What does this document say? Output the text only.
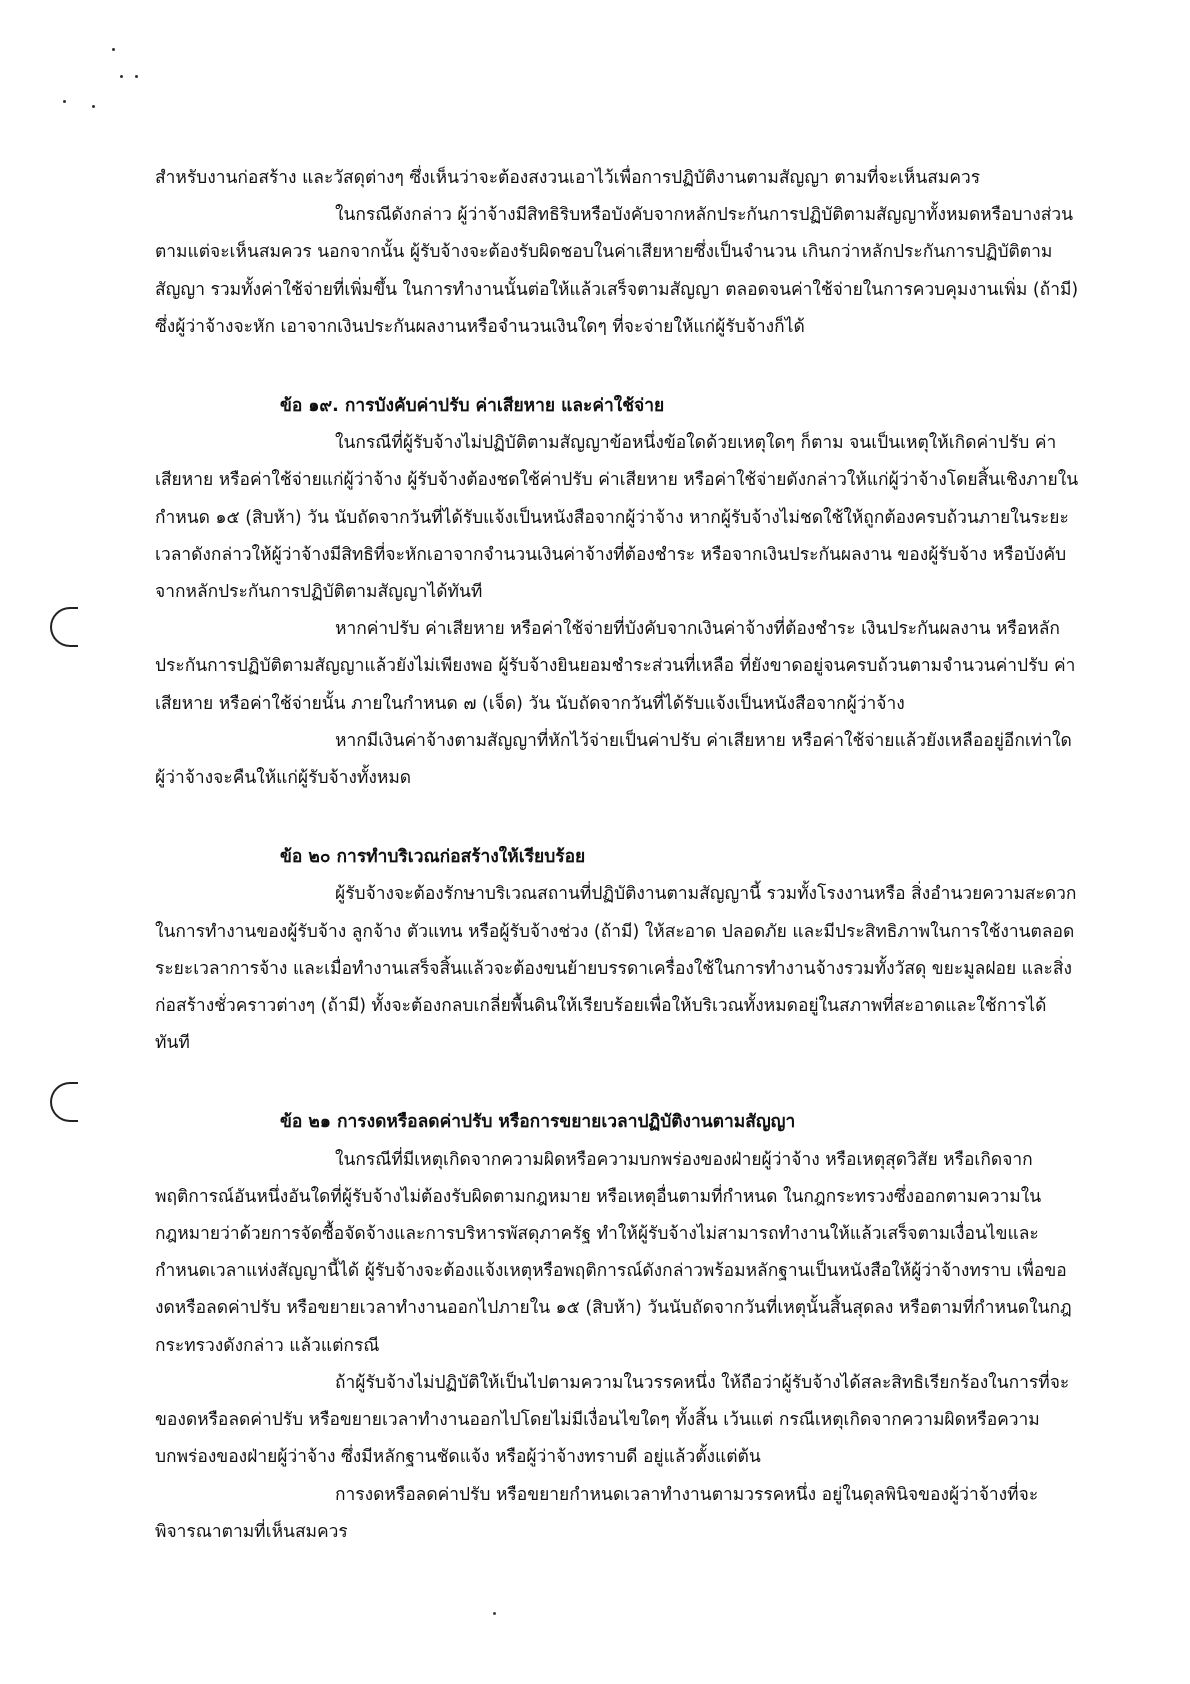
สำหรับงานก่อสร้าง และวัสดุต่างๆ ซึ่งเห็นว่าจะต้องสงวนเอาไว้เพื่อการปฏิบัติงานตามสัญญา ตามที่จะเห็นสมควร

ในกรณีดังกล่าว ผู้ว่าจ้างมีสิทธิริบหรือบังคับจากหลักประกันการปฏิบัติตามสัญญาทั้งหมดหรือบางส่วน ตามแต่จะเห็นสมควร นอกจากนั้น ผู้รับจ้างจะต้องรับผิดชอบในค่าเสียหายซึ่งเป็นจำนวน เกินกว่าหลักประกันการปฏิบัติตามสัญญา รวมทั้งค่าใช้จ่ายที่เพิ่มขึ้น ในการทำงานนั้นต่อให้แล้วเสร็จตามสัญญา ตลอดจนค่าใช้จ่ายในการควบคุมงานเพิ่ม (ถ้ามี) ซึ่งผู้ว่าจ้างจะหัก เอาจากเงินประกันผลงานหรือจำนวนเงินใดๆ ที่จะจ่ายให้แก่ผู้รับจ้างก็ได้

ข้อ ๑๙. การบังคับค่าปรับ ค่าเสียหาย และค่าใช้จ่าย

ในกรณีที่ผู้รับจ้างไม่ปฏิบัติตามสัญญาข้อหนึ่งข้อใดด้วยเหตุใดๆ ก็ตาม จนเป็นเหตุให้เกิดค่าปรับ ค่าเสียหาย หรือค่าใช้จ่ายแก่ผู้ว่าจ้าง ผู้รับจ้างต้องชดใช้ค่าปรับ ค่าเสียหาย หรือค่าใช้จ่ายดังกล่าวให้แก่ผู้ว่าจ้างโดยสิ้นเชิงภายในกำหนด ๑๕ (สิบห้า) วัน นับถัดจากวันที่ได้รับแจ้งเป็นหนังสือจากผู้ว่าจ้าง หากผู้รับจ้างไม่ชดใช้ให้ถูกต้องครบถ้วนภายในระยะเวลาดังกล่าวให้ผู้ว่าจ้างมีสิทธิที่จะหักเอาจากจำนวนเงินค่าจ้างที่ต้องชำระ หรือจากเงินประกันผลงาน ของผู้รับจ้าง หรือบังคับจากหลักประกันการปฏิบัติตามสัญญาได้ทันที

หากค่าปรับ ค่าเสียหาย หรือค่าใช้จ่ายที่บังคับจากเงินค่าจ้างที่ต้องชำระ เงินประกันผลงาน หรือหลักประกันการปฏิบัติตามสัญญาแล้วยังไม่เพียงพอ ผู้รับจ้างยินยอมชำระส่วนที่เหลือ ที่ยังขาดอยู่จนครบถ้วนตามจำนวนค่าปรับ ค่าเสียหาย หรือค่าใช้จ่ายนั้น ภายในกำหนด ๗ (เจ็ด) วัน นับถัดจากวันที่ได้รับแจ้งเป็นหนังสือจากผู้ว่าจ้าง

หากมีเงินค่าจ้างตามสัญญาที่หักไว้จ่ายเป็นค่าปรับ ค่าเสียหาย หรือค่าใช้จ่ายแล้วยังเหลืออยู่อีกเท่าใด ผู้ว่าจ้างจะคืนให้แก่ผู้รับจ้างทั้งหมด

ข้อ ๒๐ การทำบริเวณก่อสร้างให้เรียบร้อย

ผู้รับจ้างจะต้องรักษาบริเวณสถานที่ปฏิบัติงานตามสัญญานี้ รวมทั้งโรงงานหรือ สิ่งอำนวยความสะดวกในการทำงานของผู้รับจ้าง ลูกจ้าง ตัวแทน หรือผู้รับจ้างช่วง (ถ้ามี) ให้สะอาด ปลอดภัย และมีประสิทธิภาพในการใช้งานตลอดระยะเวลาการจ้าง และเมื่อทำงานเสร็จสิ้นแล้วจะต้องขนย้ายบรรดาเครื่องใช้ในการทำงานจ้างรวมทั้งวัสดุ ขยะมูลฝอย และสิ่งก่อสร้างชั่วคราวต่างๆ (ถ้ามี) ทั้งจะต้องกลบเกลี่ยพื้นดินให้เรียบร้อยเพื่อให้บริเวณทั้งหมดอยู่ในสภาพที่สะอาดและใช้การได้ทันที

ข้อ ๒๑ การงดหรือลดค่าปรับ หรือการขยายเวลาปฏิบัติงานตามสัญญา

ในกรณีที่มีเหตุเกิดจากความผิดหรือความบกพร่องของฝ่ายผู้ว่าจ้าง หรือเหตุสุดวิสัย หรือเกิดจากพฤติการณ์อันหนึ่งอันใดที่ผู้รับจ้างไม่ต้องรับผิดตามกฎหมาย หรือเหตุอื่นตามที่กำหนด ในกฎกระทรวงซึ่งออกตามความในกฎหมายว่าด้วยการจัดซื้อจัดจ้างและการบริหารพัสดุภาครัฐ ทำให้ผู้รับจ้างไม่สามารถทำงานให้แล้วเสร็จตามเงื่อนไขและกำหนดเวลาแห่งสัญญานี้ได้ ผู้รับจ้างจะต้องแจ้งเหตุหรือพฤติการณ์ดังกล่าวพร้อมหลักฐานเป็นหนังสือให้ผู้ว่าจ้างทราบ เพื่อของดหรือลดค่าปรับ หรือขยายเวลาทำงานออกไปภายใน ๑๕ (สิบห้า) วันนับถัดจากวันที่เหตุนั้นสิ้นสุดลง หรือตามที่กำหนดในกฎกระทรวงดังกล่าว แล้วแต่กรณี

ถ้าผู้รับจ้างไม่ปฏิบัติให้เป็นไปตามความในวรรคหนึ่ง ให้ถือว่าผู้รับจ้างได้สละสิทธิเรียกร้องในการที่จะของดหรือลดค่าปรับ หรือขยายเวลาทำงานออกไปโดยไม่มีเงื่อนไขใดๆ ทั้งสิ้น เว้นแต่ กรณีเหตุเกิดจากความผิดหรือความบกพร่องของฝ่ายผู้ว่าจ้าง ซึ่งมีหลักฐานชัดแจ้ง หรือผู้ว่าจ้างทราบดี อยู่แล้วตั้งแต่ต้น

การงดหรือลดค่าปรับ หรือขยายกำหนดเวลาทำงานตามวรรคหนึ่ง อยู่ในดุลพินิจของผู้ว่าจ้างที่จะพิจารณาตามที่เห็นสมควร
